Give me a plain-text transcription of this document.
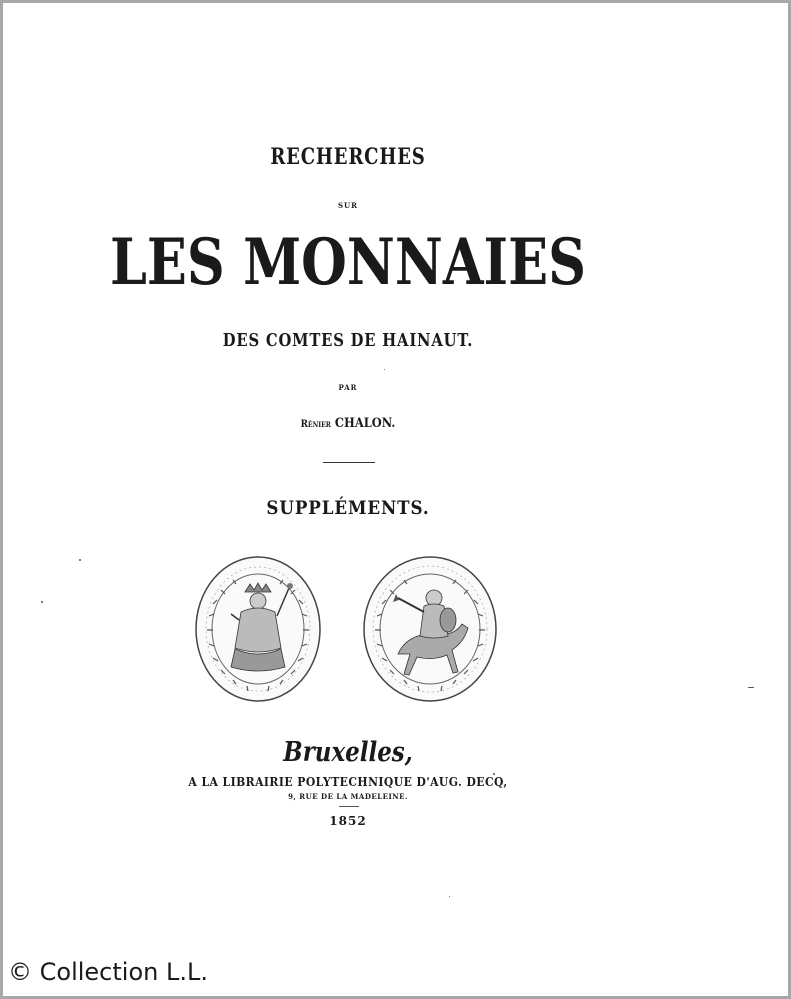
RECHERCHES
SUR
LES MONNAIES
DES COMTES DE HAINAUT.
PAR
Rénier CHALON.
SUPPLÉMENTS.
Bruxelles,
A LA LIBRAIRIE POLYTECHNIQUE D'AUG. DECQ,
9, RUE DE LA MADELEINE.
1852
© Collection L.L.
